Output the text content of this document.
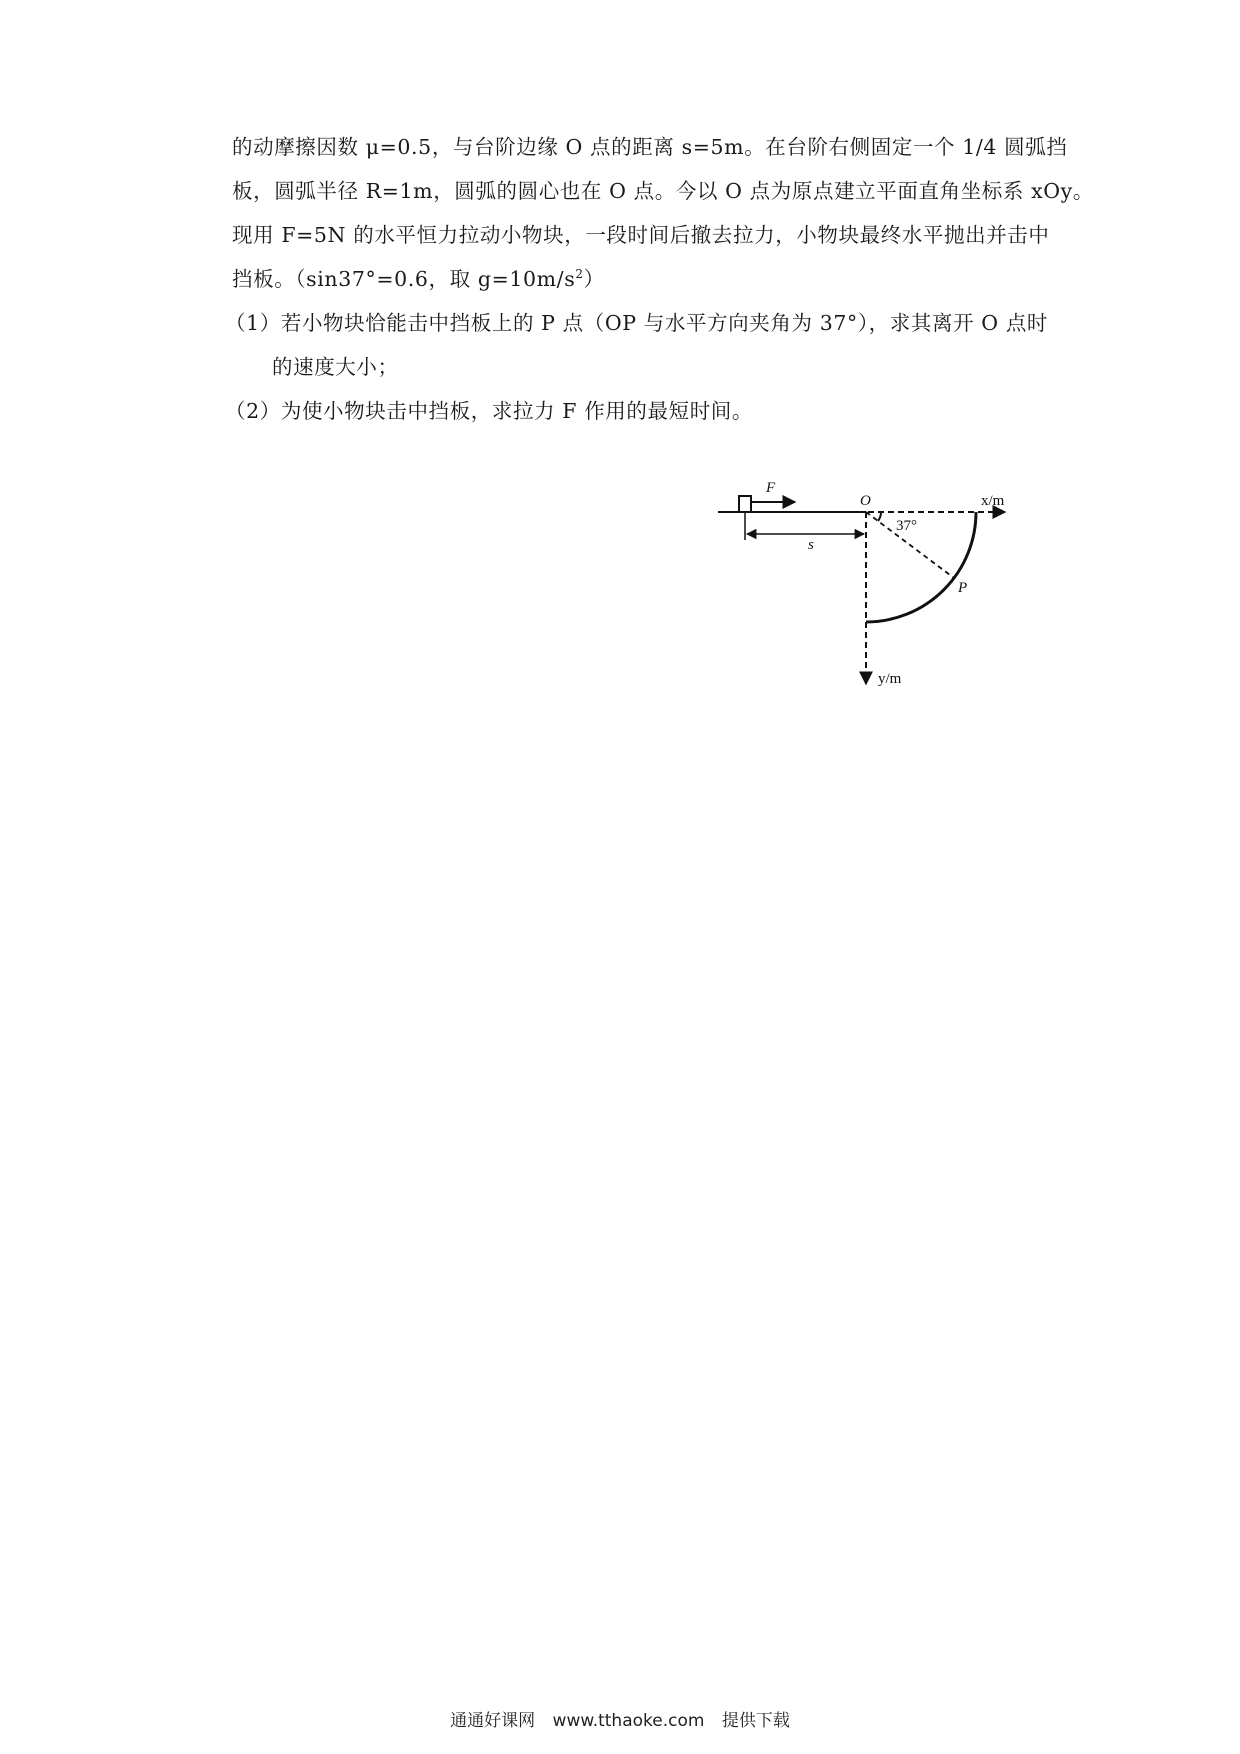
的动摩擦因数 μ=0.5，与台阶边缘 O 点的距离 s=5m。在台阶右侧固定一个 1/4 圆弧挡
板，圆弧半径 R=1m，圆弧的圆心也在 O 点。今以 O 点为原点建立平面直角坐标系 xOy。
现用 F=5N 的水平恒力拉动小物块，一段时间后撤去拉力，小物块最终水平抛出并击中
挡板。（sin37°=0.6，取 $g=10m/s^2$）
（1）若小物块恰能击中挡板上的 P 点（OP 与水平方向夹角为 37°），求其离开 O 点时
的速度大小；
（2）为使小物块击中挡板，求拉力 F 作用的最短时间。
F
s
O	x/m
y/m
37°
P
通通好课网 www.tthaoke.com 提供下载
